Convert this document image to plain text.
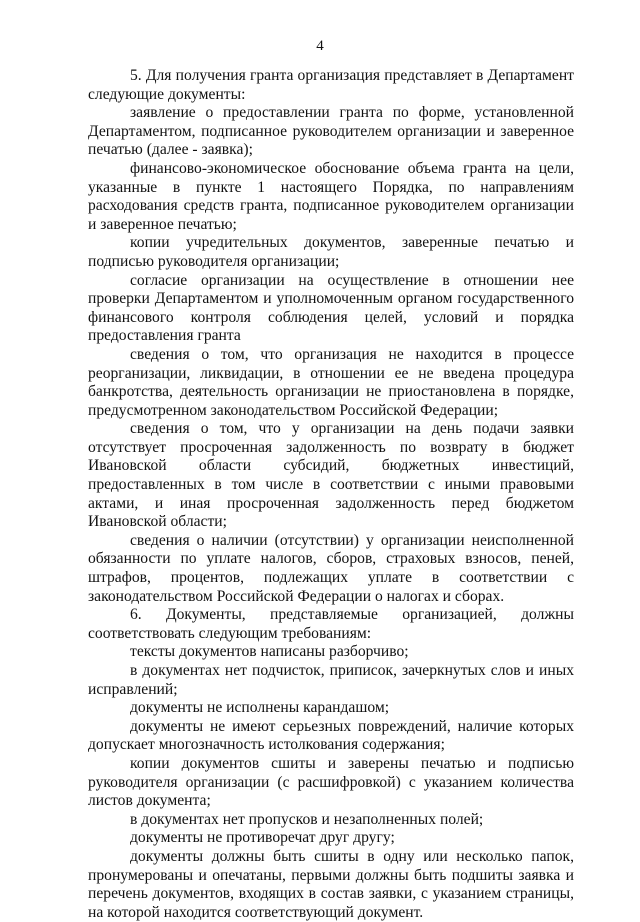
4

5. Для получения гранта организация представляет в Департамент следующие документы:

заявление о предоставлении гранта по форме, установленной Департаментом, подписанное руководителем организации и заверенное печатью (далее - заявка);

финансово-экономическое обоснование объема гранта на цели, указанные в пункте 1 настоящего Порядка, по направлениям расходования средств гранта, подписанное руководителем организации и заверенное печатью;

копии учредительных документов, заверенные печатью и подписью руководителя организации;

согласие организации на осуществление в отношении нее проверки Департаментом и уполномоченным органом государственного финансового контроля соблюдения целей, условий и порядка предоставления гранта

сведения о том, что организация не находится в процессе реорганизации, ликвидации, в отношении ее не введена процедура банкротства, деятельность организации не приостановлена в порядке, предусмотренном законодательством Российской Федерации;

сведения о том, что у организации на день подачи заявки отсутствует просроченная задолженность по возврату в бюджет Ивановской области субсидий, бюджетных инвестиций, предоставленных в том числе в соответствии с иными правовыми актами, и иная просроченная задолженность перед бюджетом Ивановской области;

сведения о наличии (отсутствии) у организации неисполненной обязанности по уплате налогов, сборов, страховых взносов, пеней, штрафов, процентов, подлежащих уплате в соответствии с законодательством Российской Федерации о налогах и сборах.

6. Документы, представляемые организацией, должны соответствовать следующим требованиям:

тексты документов написаны разборчиво;

в документах нет подчисток, приписок, зачеркнутых слов и иных исправлений;

документы не исполнены карандашом;

документы не имеют серьезных повреждений, наличие которых допускает многозначность истолкования содержания;

копии документов сшиты и заверены печатью и подписью руководителя организации (с расшифровкой) с указанием количества листов документа;

в документах нет пропусков и незаполненных полей;

документы не противоречат друг другу;

документы должны быть сшиты в одну или несколько папок, пронумерованы и опечатаны, первыми должны быть подшиты заявка и перечень документов, входящих в состав заявки, с указанием страницы, на которой находится соответствующий документ.
